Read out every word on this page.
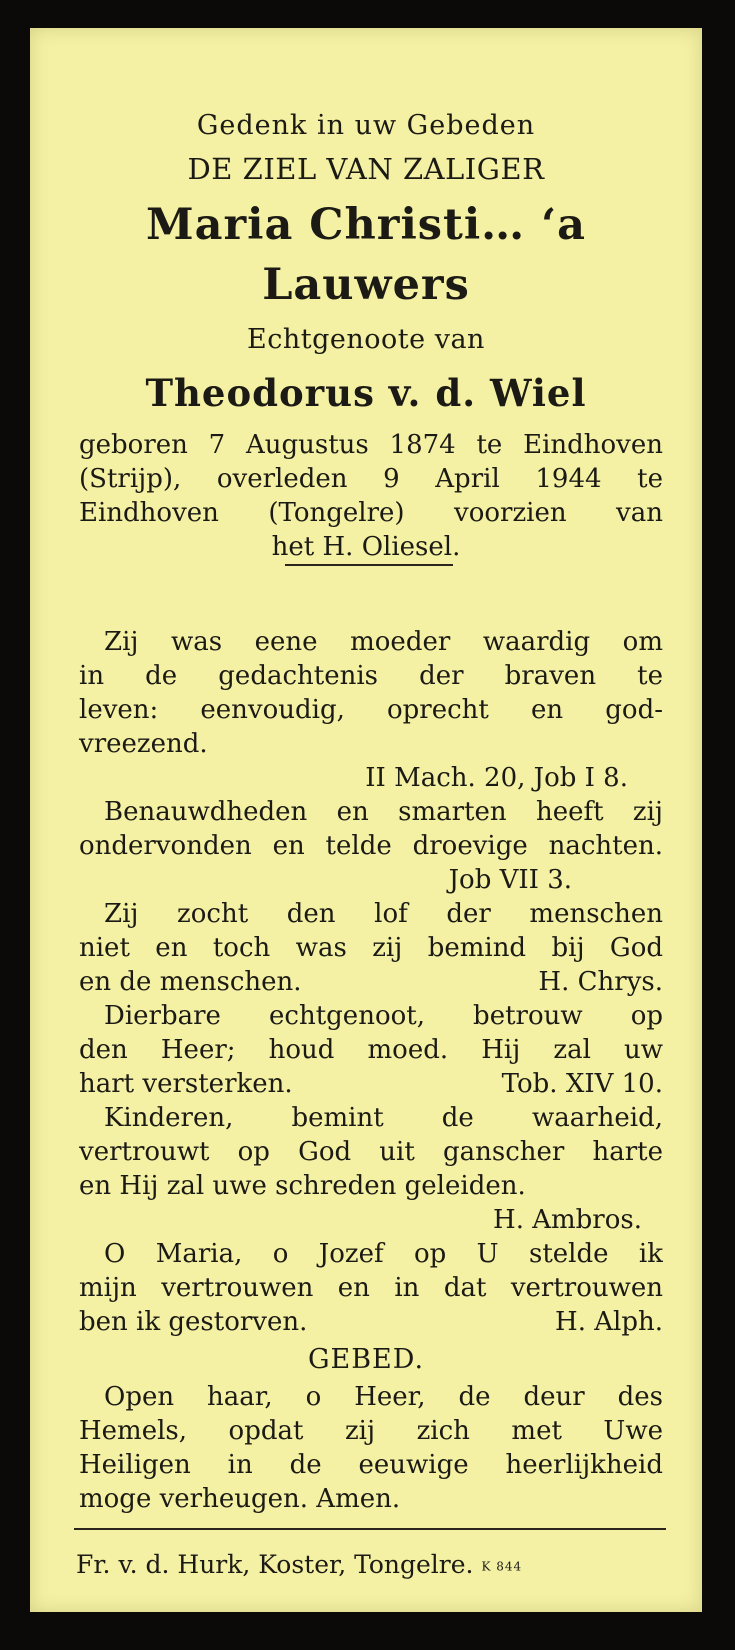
Gedenk in uw Gebeden

DE ZIEL VAN ZALIGER

Maria Christi… ‘a

Lauwers

Echtgenoote van

Theodorus v. d. Wiel

geboren 7 Augustus 1874 te Eindhoven

(Strijp), overleden 9 April 1944 te

Eindhoven (Tongelre) voorzien van

het H. Oliesel.

Zij was eene moeder waardig om

in de gedachtenis der braven te

leven: eenvoudig, oprecht en god-

vreezend.

II Mach. 20, Job I 8.

Benauwdheden en smarten heeft zij

ondervonden en telde droevige nachten.

Job VII 3.

Zij zocht den lof der menschen

niet en toch was zij bemind bij God

en de menschen.	H. Chrys.

Dierbare echtgenoot, betrouw op

den Heer; houd moed. Hij zal uw

hart versterken.	Tob. XIV 10.

Kinderen, bemint de waarheid,

vertrouwt op God uit ganscher harte

en Hij zal uwe schreden geleiden.

H. Ambros.

O Maria, o Jozef op U stelde ik

mijn vertrouwen en in dat vertrouwen

ben ik gestorven.	H. Alph.

GEBED.

Open haar, o Heer, de deur des

Hemels, opdat zij zich met Uwe

Heiligen in de eeuwige heerlijkheid

moge verheugen. Amen.

Fr. v. d. Hurk, Koster, Tongelre. K 844
